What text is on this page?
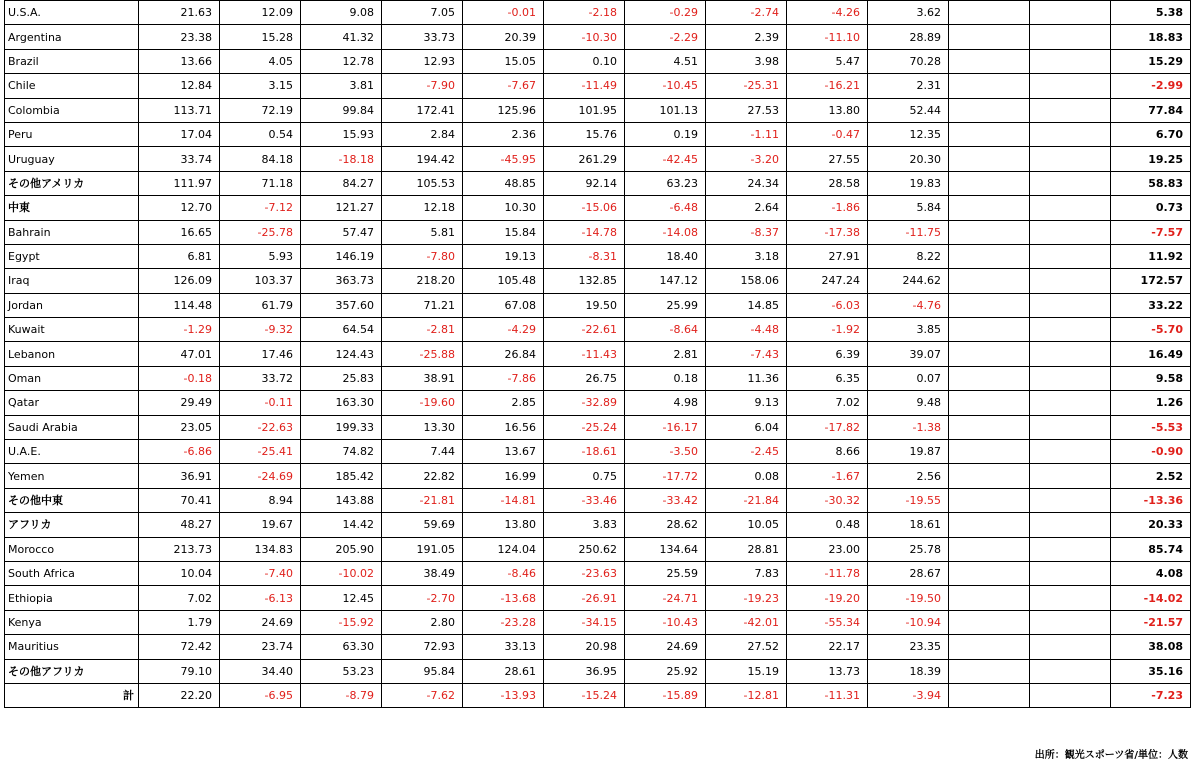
U.S.A.	21.63	12.09	9.08	7.05	-0.01	-2.18	-0.29	-2.74	-4.26	3.62			5.38
Argentina	23.38	15.28	41.32	33.73	20.39	-10.30	-2.29	2.39	-11.10	28.89			18.83
Brazil	13.66	4.05	12.78	12.93	15.05	0.10	4.51	3.98	5.47	70.28			15.29
Chile	12.84	3.15	3.81	-7.90	-7.67	-11.49	-10.45	-25.31	-16.21	2.31			-2.99
Colombia	113.71	72.19	99.84	172.41	125.96	101.95	101.13	27.53	13.80	52.44			77.84
Peru	17.04	0.54	15.93	2.84	2.36	15.76	0.19	-1.11	-0.47	12.35			6.70
Uruguay	33.74	84.18	-18.18	194.42	-45.95	261.29	-42.45	-3.20	27.55	20.30			19.25
その他アメリカ	111.97	71.18	84.27	105.53	48.85	92.14	63.23	24.34	28.58	19.83			58.83
中東	12.70	-7.12	121.27	12.18	10.30	-15.06	-6.48	2.64	-1.86	5.84			0.73
Bahrain	16.65	-25.78	57.47	5.81	15.84	-14.78	-14.08	-8.37	-17.38	-11.75			-7.57
Egypt	6.81	5.93	146.19	-7.80	19.13	-8.31	18.40	3.18	27.91	8.22			11.92
Iraq	126.09	103.37	363.73	218.20	105.48	132.85	147.12	158.06	247.24	244.62			172.57
Jordan	114.48	61.79	357.60	71.21	67.08	19.50	25.99	14.85	-6.03	-4.76			33.22
Kuwait	-1.29	-9.32	64.54	-2.81	-4.29	-22.61	-8.64	-4.48	-1.92	3.85			-5.70
Lebanon	47.01	17.46	124.43	-25.88	26.84	-11.43	2.81	-7.43	6.39	39.07			16.49
Oman	-0.18	33.72	25.83	38.91	-7.86	26.75	0.18	11.36	6.35	0.07			9.58
Qatar	29.49	-0.11	163.30	-19.60	2.85	-32.89	4.98	9.13	7.02	9.48			1.26
Saudi Arabia	23.05	-22.63	199.33	13.30	16.56	-25.24	-16.17	6.04	-17.82	-1.38			-5.53
U.A.E.	-6.86	-25.41	74.82	7.44	13.67	-18.61	-3.50	-2.45	8.66	19.87			-0.90
Yemen	36.91	-24.69	185.42	22.82	16.99	0.75	-17.72	0.08	-1.67	2.56			2.52
その他中東	70.41	8.94	143.88	-21.81	-14.81	-33.46	-33.42	-21.84	-30.32	-19.55			-13.36
アフリカ	48.27	19.67	14.42	59.69	13.80	3.83	28.62	10.05	0.48	18.61			20.33
Morocco	213.73	134.83	205.90	191.05	124.04	250.62	134.64	28.81	23.00	25.78			85.74
South Africa	10.04	-7.40	-10.02	38.49	-8.46	-23.63	25.59	7.83	-11.78	28.67			4.08
Ethiopia	7.02	-6.13	12.45	-2.70	-13.68	-26.91	-24.71	-19.23	-19.20	-19.50			-14.02
Kenya	1.79	24.69	-15.92	2.80	-23.28	-34.15	-10.43	-42.01	-55.34	-10.94			-21.57
Mauritius	72.42	23.74	63.30	72.93	33.13	20.98	24.69	27.52	22.17	23.35			38.08
その他アフリカ	79.10	34.40	53.23	95.84	28.61	36.95	25.92	15.19	13.73	18.39			35.16
計	22.20	-6.95	-8.79	-7.62	-13.93	-15.24	-15.89	-12.81	-11.31	-3.94			-7.23
出所：観光スポーツ省/単位：人数
